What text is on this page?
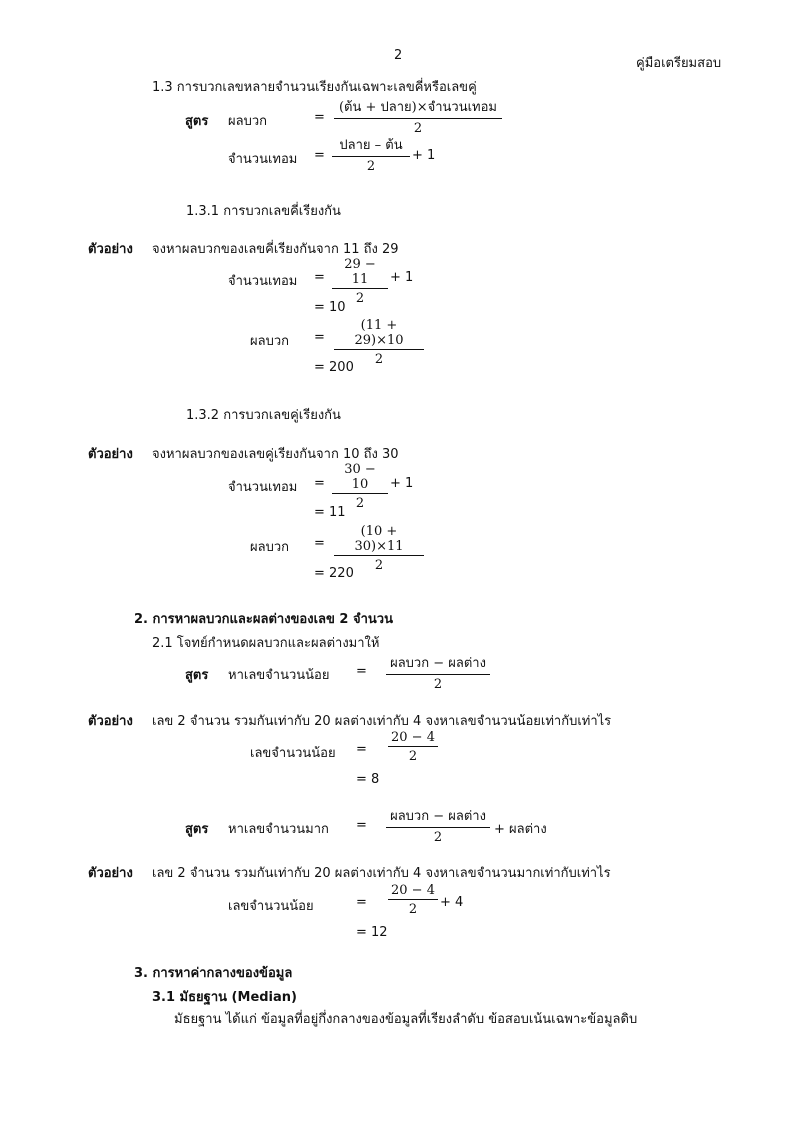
2
คู่มือเตรียมสอบ
1.3 การบวกเลขหลายจำนวนเรียงกันเฉพาะเลขคี่หรือเลขคู่
สูตร ผลบวก	=
(ต้น + ปลาย)×จำนวนเทอม
2
จำนวนเทอม =
ปลาย – ต้น
2
+ 1
1.3.1 การบวกเลขคี่เรียงกัน
ตัวอย่าง จงหาผลบวกของเลขคี่เรียงกันจาก 11 ถึง 29
จำนวนเทอม = $\frac{29 - 11}{2} + 1$
= 10
ผลบวก = $\frac{(11 + 29)\times 10}{2}$
= 200
1.3.2 การบวกเลขคู่เรียงกัน
ตัวอย่าง จงหาผลบวกของเลขคู่เรียงกันจาก 10 ถึง 30
จำนวนเทอม = $\frac{30 - 10}{2} + 1$
= 11
ผลบวก = $\frac{(10 + 30)\times 11}{2}$
= 220
2. การหาผลบวกและผลต่างของเลข 2 จำนวน
2.1 โจทย์กำหนดผลบวกและผลต่างมาให้
สูตร หาเลขจำนวนน้อย =
ผลบวก − ผลต่าง
2
ตัวอย่าง เลข 2 จำนวน รวมกันเท่ากับ 20 ผลต่างเท่ากับ 4 จงหาเลขจำนวนน้อยเท่ากับเท่าไร
เลขจำนวนน้อย = $\frac{20 - 4}{2}$
= 8
สูตร หาเลขจำนวนมาก =
ผลบวก − ผลต่าง
2
+ ผลต่าง
ตัวอย่าง เลข 2 จำนวน รวมกันเท่ากับ 20 ผลต่างเท่ากับ 4 จงหาเลขจำนวนมากเท่ากับเท่าไร
เลขจำนวนน้อย	= $\frac{20 - 4}{2} + 4$
= 12
3. การหาค่ากลางของข้อมูล
3.1 มัธยฐาน (Median)
มัธยฐาน ได้แก่ ข้อมูลที่อยู่กึ่งกลางของข้อมูลที่เรียงลำดับ ข้อสอบเน้นเฉพาะข้อมูลดิบ
